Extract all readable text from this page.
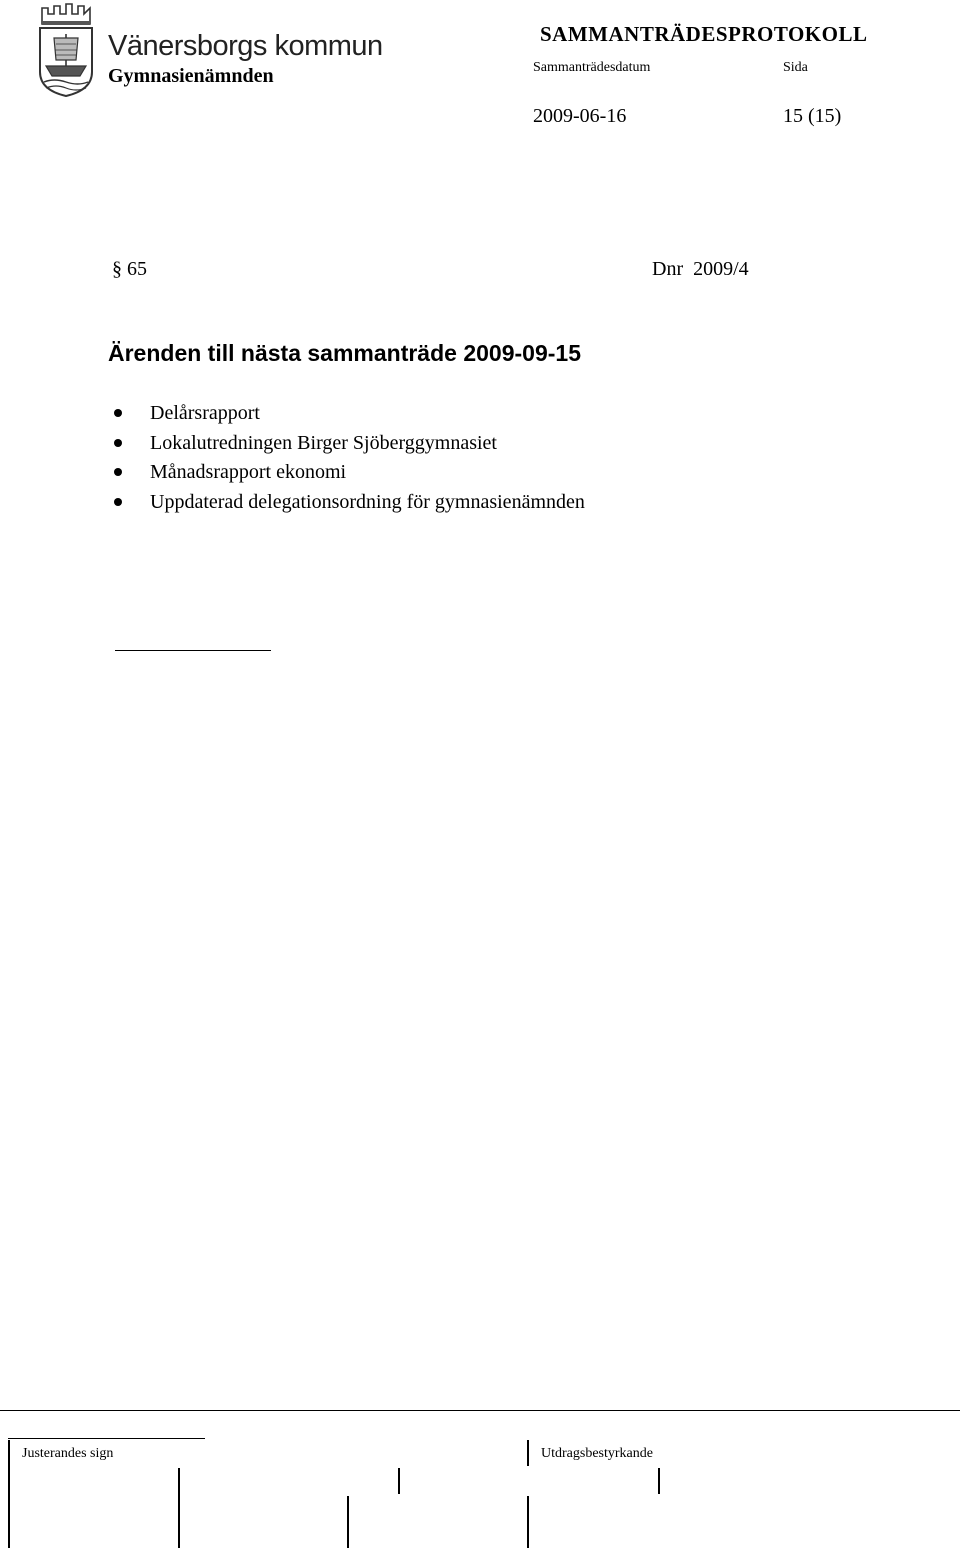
Vänersborgs kommun
Gymnasienämnden
SAMMANTRÄDESPROTOKOLL
Sammanträdesdatum	Sida
2009-06-16	15 (15)
§ 65	Dnr 2009/4
Ärenden till nästa sammanträde 2009-09-15
Delårsrapport
Lokalutredningen Birger Sjöberggymnasiet
Månadsrapport ekonomi
Uppdaterad delegationsordning för gymnasienämnden
Justerandes sign	Utdragsbestyrkande
